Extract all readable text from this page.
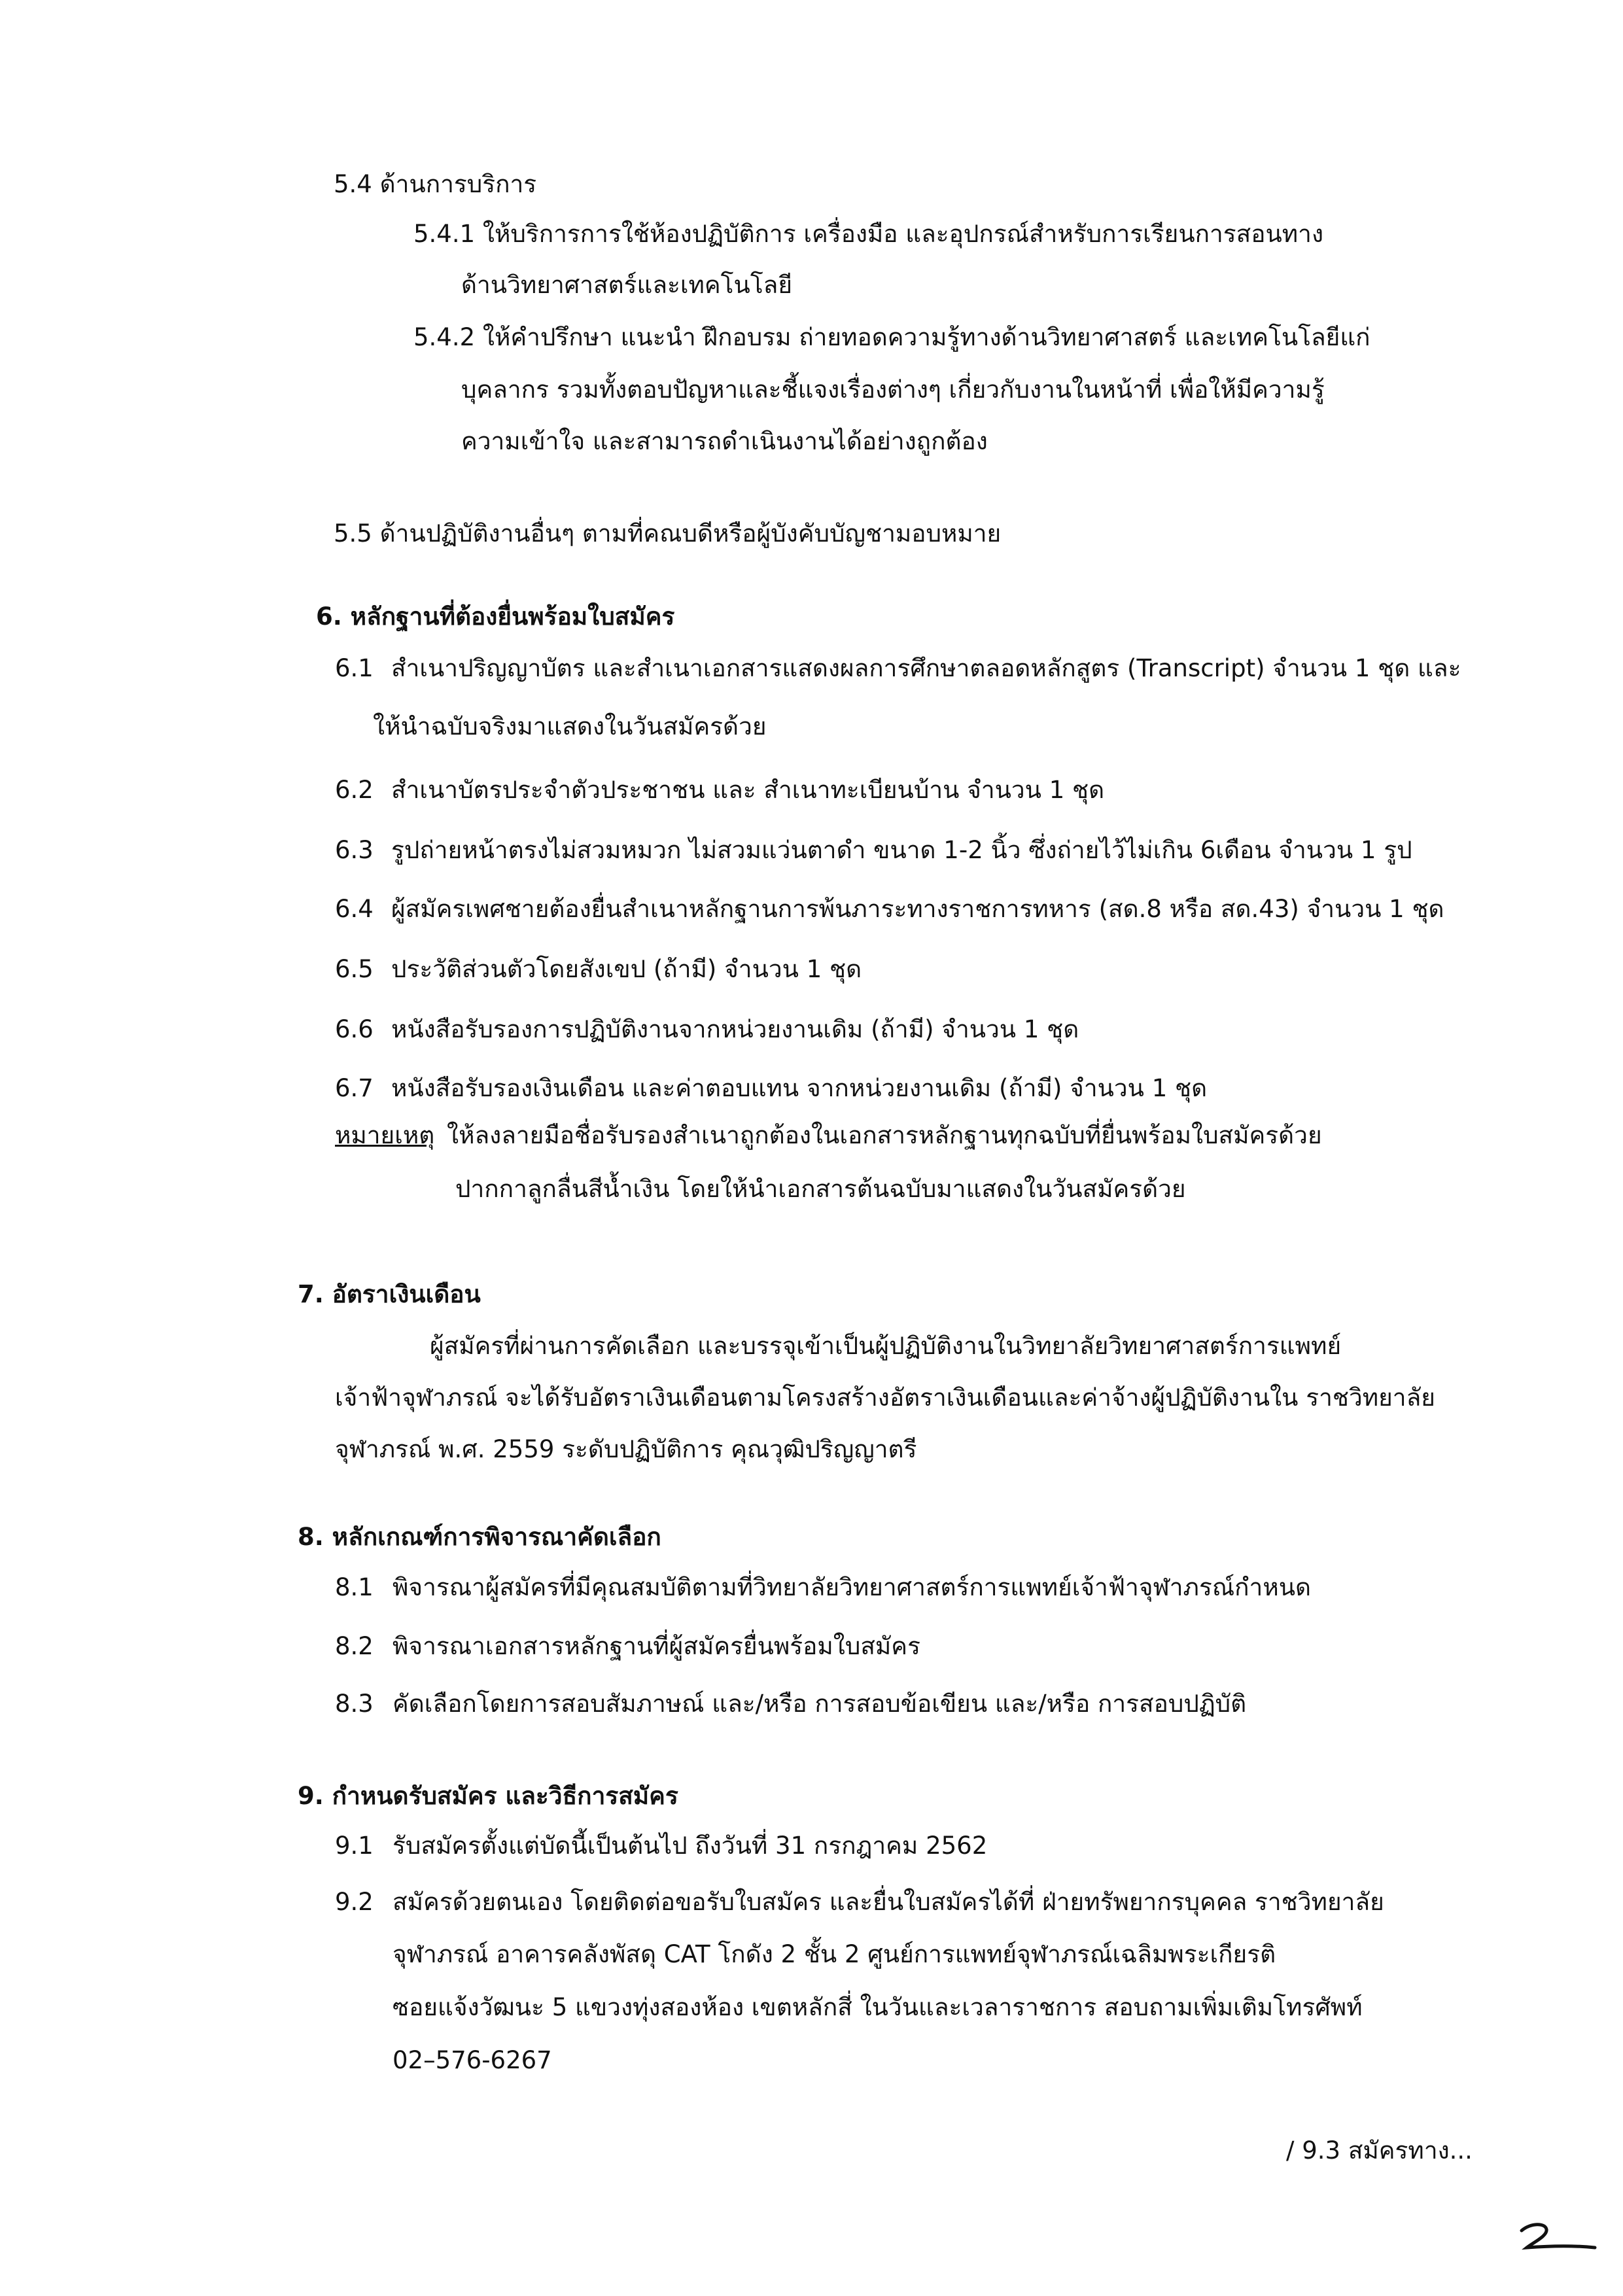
5.4 ด้านการบริการ
5.4.1 ให้บริการการใช้ห้องปฏิบัติการ เครื่องมือ และอุปกรณ์สำหรับการเรียนการสอนทาง
ด้านวิทยาศาสตร์และเทคโนโลยี
5.4.2 ให้คำปรึกษา แนะนำ ฝึกอบรม ถ่ายทอดความรู้ทางด้านวิทยาศาสตร์ และเทคโนโลยีแก่
บุคลากร รวมทั้งตอบปัญหาและชี้แจงเรื่องต่างๆ เกี่ยวกับงานในหน้าที่ เพื่อให้มีความรู้
ความเข้าใจ และสามารถดำเนินงานได้อย่างถูกต้อง
5.5 ด้านปฏิบัติงานอื่นๆ ตามที่คณบดีหรือผู้บังคับบัญชามอบหมาย
6. หลักฐานที่ต้องยื่นพร้อมใบสมัคร
6.1 สำเนาปริญญาบัตร และสำเนาเอกสารแสดงผลการศึกษาตลอดหลักสูตร (Transcript) จำนวน 1 ชุด และ
ให้นำฉบับจริงมาแสดงในวันสมัครด้วย
6.2 สำเนาบัตรประจำตัวประชาชน และ สำเนาทะเบียนบ้าน จำนวน 1 ชุด
6.3 รูปถ่ายหน้าตรงไม่สวมหมวก ไม่สวมแว่นตาดำ ขนาด 1-2 นิ้ว ซึ่งถ่ายไว้ไม่เกิน 6เดือน จำนวน 1 รูป
6.4 ผู้สมัครเพศชายต้องยื่นสำเนาหลักฐานการพ้นภาระทางราชการทหาร (สด.8 หรือ สด.43) จำนวน 1 ชุด
6.5 ประวัติส่วนตัวโดยสังเขป (ถ้ามี) จำนวน 1 ชุด
6.6 หนังสือรับรองการปฏิบัติงานจากหน่วยงานเดิม (ถ้ามี) จำนวน 1 ชุด
6.7 หนังสือรับรองเงินเดือน และค่าตอบแทน จากหน่วยงานเดิม (ถ้ามี) จำนวน 1 ชุด
หมายเหตุ ให้ลงลายมือชื่อรับรองสำเนาถูกต้องในเอกสารหลักฐานทุกฉบับที่ยื่นพร้อมใบสมัครด้วย
ปากกาลูกลื่นสีน้ำเงิน โดยให้นำเอกสารต้นฉบับมาแสดงในวันสมัครด้วย
7. อัตราเงินเดือน
ผู้สมัครที่ผ่านการคัดเลือก และบรรจุเข้าเป็นผู้ปฏิบัติงานในวิทยาลัยวิทยาศาสตร์การแพทย์
เจ้าฟ้าจุฬาภรณ์ จะได้รับอัตราเงินเดือนตามโครงสร้างอัตราเงินเดือนและค่าจ้างผู้ปฏิบัติงานใน ราชวิทยาลัย
จุฬาภรณ์ พ.ศ. 2559 ระดับปฏิบัติการ คุณวุฒิปริญญาตรี
8. หลักเกณฑ์การพิจารณาคัดเลือก
8.1 พิจารณาผู้สมัครที่มีคุณสมบัติตามที่วิทยาลัยวิทยาศาสตร์การแพทย์เจ้าฟ้าจุฬาภรณ์กำหนด
8.2 พิจารณาเอกสารหลักฐานที่ผู้สมัครยื่นพร้อมใบสมัคร
8.3 คัดเลือกโดยการสอบสัมภาษณ์ และ/หรือ การสอบข้อเขียน และ/หรือ การสอบปฏิบัติ
9. กำหนดรับสมัคร และวิธีการสมัคร
9.1 รับสมัครตั้งแต่บัดนี้เป็นต้นไป ถึงวันที่ 31 กรกฎาคม 2562
9.2 สมัครด้วยตนเอง โดยติดต่อขอรับใบสมัคร และยื่นใบสมัครได้ที่ ฝ่ายทรัพยากรบุคคล ราชวิทยาลัย
จุฬาภรณ์ อาคารคลังพัสดุ CAT โกดัง 2 ชั้น 2 ศูนย์การแพทย์จุฬาภรณ์เฉลิมพระเกียรติ
ซอยแจ้งวัฒนะ 5 แขวงทุ่งสองห้อง เขตหลักสี่ ในวันและเวลาราชการ สอบถามเพิ่มเติมโทรศัพท์
02–576-6267
/ 9.3 สมัครทาง...
